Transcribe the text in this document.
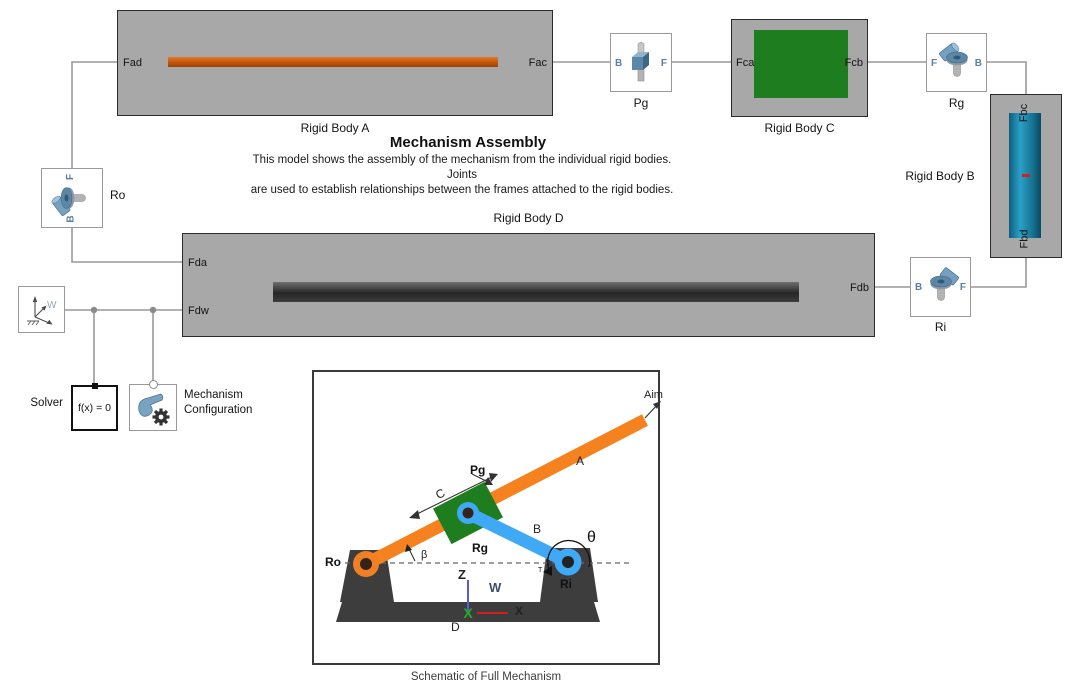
Fad	Fac
Rigid Body A
B	F
Pg
Fca	Fcb
Rigid Body C
F	B
Rg
Fbc
Fbd
Rigid Body B
F
B
Ro
Rigid Body D
Fda
Fdw
Fdb	B	F
Ri
W
f(x) = 0
Solver
Mechanism
Configuration
Mechanism Assembly
This model shows the assembly of the mechanism from the individual rigid bodies. Joints
are used to establish relationships between the frames attached to the rigid bodies.
Aim
C
Pg
θ
β
X
Ro
Rg
Ri
A
B
T
Z
W
X
D
Schematic of Full Mechanism
